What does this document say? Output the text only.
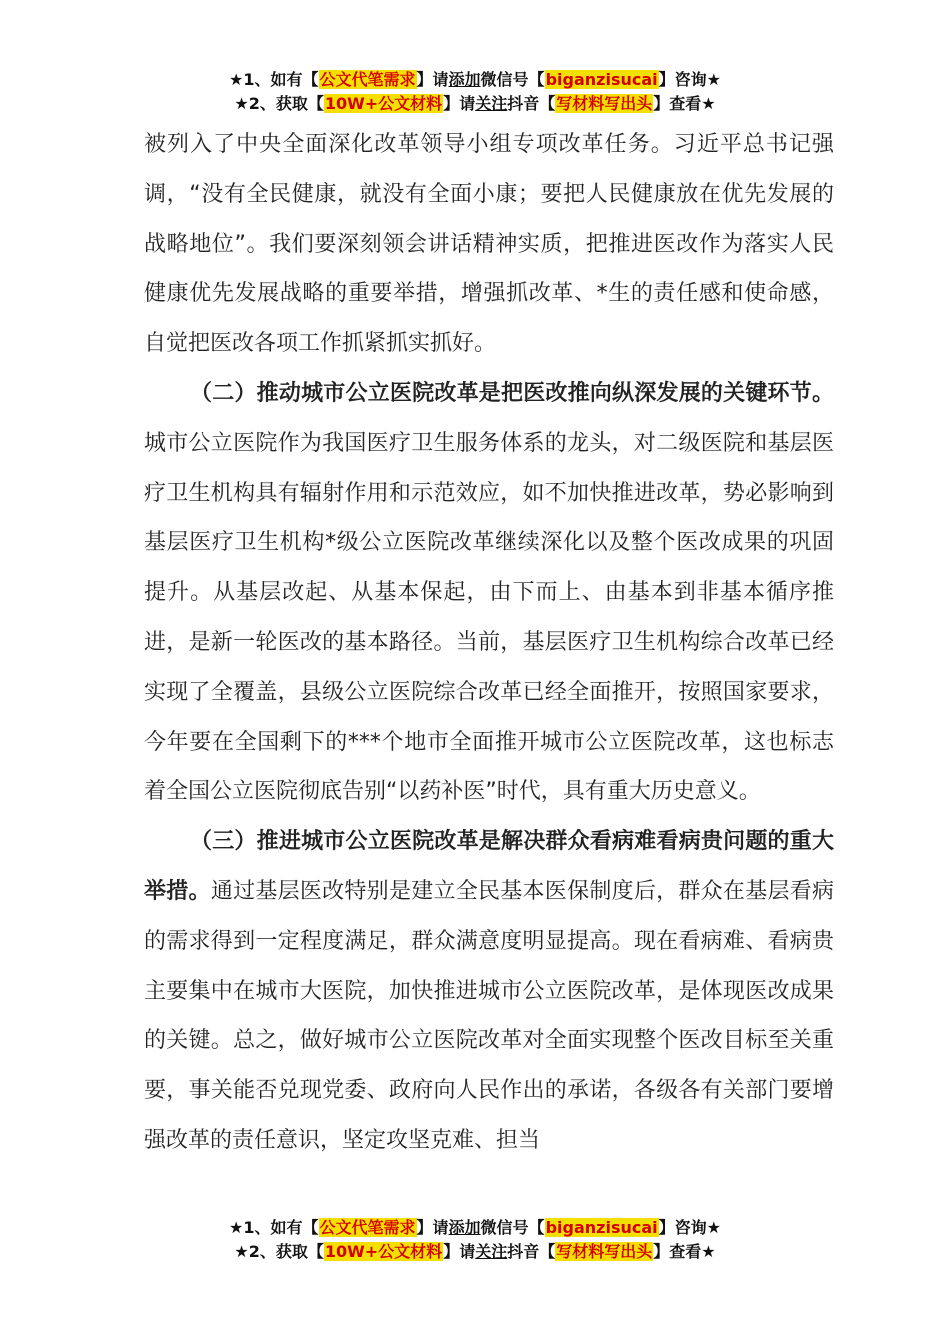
★1、如有【公文代笔需求】请添加微信号【biganzisucai】咨询★
★2、获取【10W+公文材料】请关注抖音【写材料写出头】查看★

被列入了中央全面深化改革领导小组专项改革任务。习近平总书记强调，“没有全民健康，就没有全面小康；要把人民健康放在优先发展的战略地位”。我们要深刻领会讲话精神实质，把推进医改作为落实人民健康优先发展战略的重要举措，增强抓改革、*生的责任感和使命感，自觉把医改各项工作抓紧抓实抓好。

（二）推动城市公立医院改革是把医改推向纵深发展的关键环节。城市公立医院作为我国医疗卫生服务体系的龙头，对二级医院和基层医疗卫生机构具有辐射作用和示范效应，如不加快推进改革，势必影响到基层医疗卫生机构*级公立医院改革继续深化以及整个医改成果的巩固提升。从基层改起、从基本保起，由下而上、由基本到非基本循序推进，是新一轮医改的基本路径。当前，基层医疗卫生机构综合改革已经实现了全覆盖，县级公立医院综合改革已经全面推开，按照国家要求，今年要在全国剩下的***个地市全面推开城市公立医院改革，这也标志着全国公立医院彻底告别“以药补医”时代，具有重大历史意义。

（三）推进城市公立医院改革是解决群众看病难看病贵问题的重大举措。通过基层医改特别是建立全民基本医保制度后，群众在基层看病的需求得到一定程度满足，群众满意度明显提高。现在看病难、看病贵主要集中在城市大医院，加快推进城市公立医院改革，是体现医改成果的关键。总之，做好城市公立医院改革对全面实现整个医改目标至关重要，事关能否兑现党委、政府向人民作出的承诺，各级各有关部门要增强改革的责任意识，坚定攻坚克难、担当

★1、如有【公文代笔需求】请添加微信号【biganzisucai】咨询★
★2、获取【10W+公文材料】请关注抖音【写材料写出头】查看★
